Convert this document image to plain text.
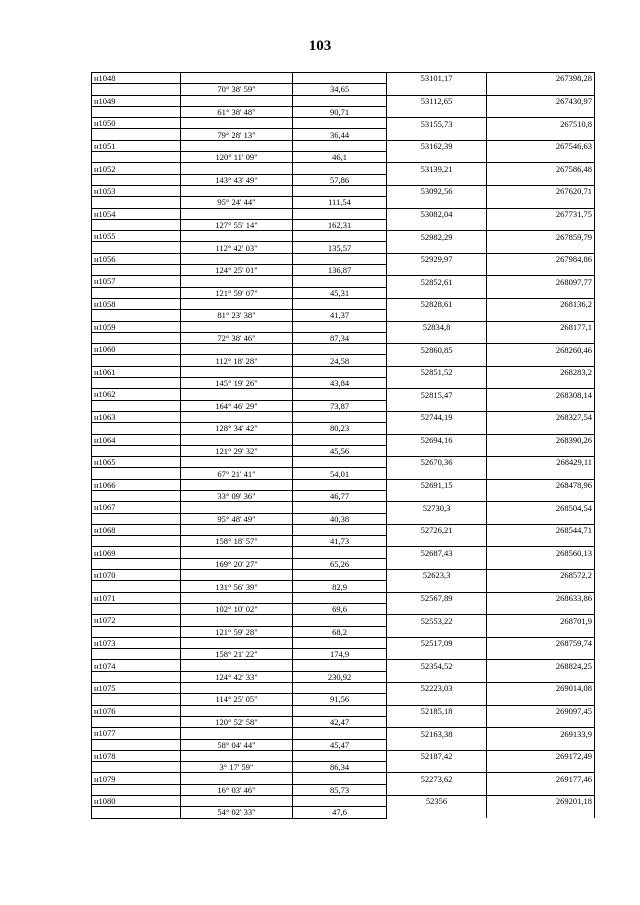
103
н1048			53101,17	267398,28
	70° 38' 59"	34,65		
н1049			53112,65	267430,97
	61° 38' 48"	90,71		
н1050			53155,73	267510,8
	79° 28' 13"	36,44		
н1051			53162,39	267546,63
	120° 11' 09"	46,1		
н1052			53139,21	267586,48
	143° 43' 49"	57,86		
н1053			53092,56	267620,71
	95° 24' 44"	111,54		
н1054			53082,04	267731,75
	127° 55' 14"	162,31		
н1055			52982,29	267859,79
	112° 42' 03"	135,57		
н1056			52929,97	267984,86
	124° 25' 01"	136,87		
н1057			52852,61	268097,77
	121° 59' 07"	45,31		
н1058			52828,61	268136,2
	81° 23' 38"	41,37		
н1059			52834,8	268177,1
	72° 38' 46"	87,34		
н1060			52860,85	268260,46
	112° 18' 28"	24,58		
н1061			52851,52	268283,2
	145° 19' 26"	43,84		
н1062			52815,47	268308,14
	164° 46' 29"	73,87		
н1063			52744,19	268327,54
	128° 34' 42"	80,23		
н1064			52694,16	268390,26
	121° 29' 32"	45,56		
н1065			52670,36	268429,11
	67° 21' 41"	54,01		
н1066			52691,15	268478,96
	33° 09' 36"	46,77		
н1067			52730,3	268504,54
	95° 48' 49"	40,38		
н1068			52726,21	268544,71
	158° 18' 57"	41,73		
н1069			52687,43	268560,13
	169° 20' 27"	65,26		
н1070			52623,3	268572,2
	131° 56' 39"	82,9		
н1071			52567,89	268633,86
	102° 10' 02"	69,6		
н1072			52553,22	268701,9
	121° 59' 28"	68,2		
н1073			52517,09	268759,74
	158° 21' 22"	174,9		
н1074			52354,52	268824,25
	124° 42' 33"	230,92		
н1075			52223,03	269014,08
	114° 25' 05"	91,56		
н1076			52185,18	269097,45
	120° 52' 58"	42,47		
н1077			52163,38	269133,9
	58° 04' 44"	45,47		
н1078			52187,42	269172,49
	3° 17' 59"	86,34		
н1079			52273,62	269177,46
	16° 03' 46"	85,73		
н1080			52356	269201,18
	54° 02' 33"	47,6		
